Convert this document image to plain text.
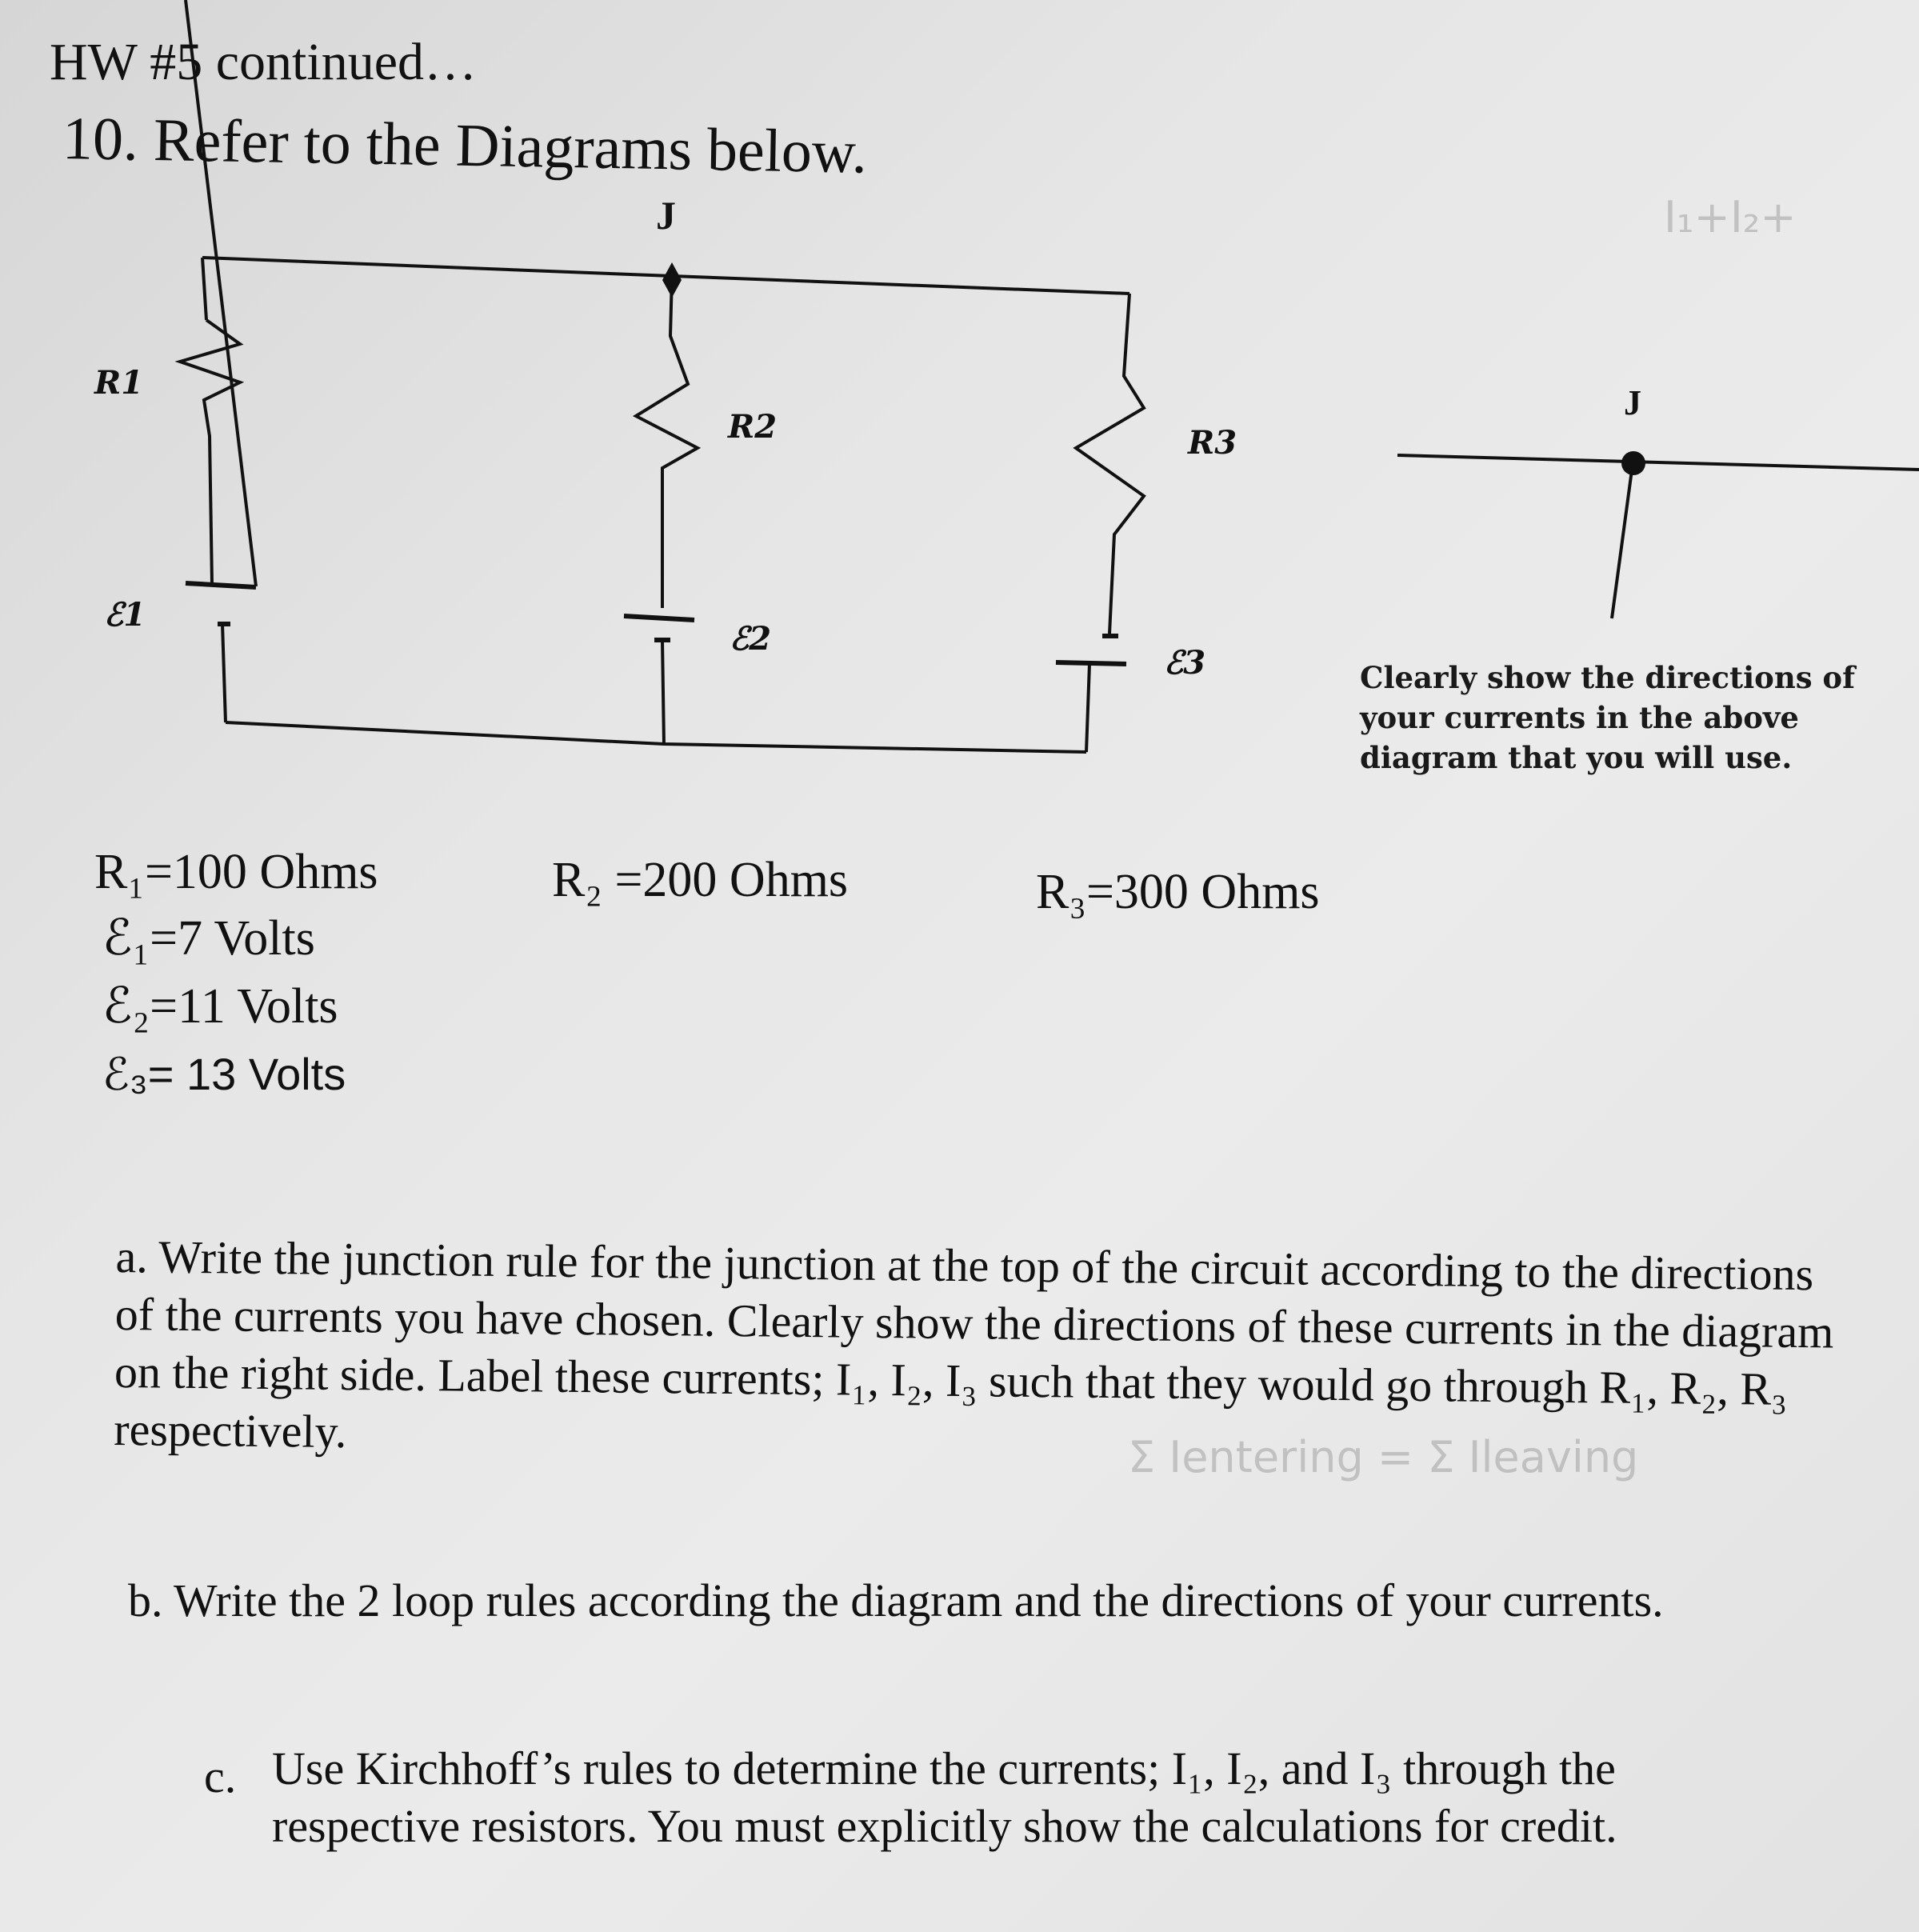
HW #5 continued…
10. Refer to the Diagrams below.
J
R1
R2	R3
ℰ1
ℰ2
ℰ3
J
Clearly show the directions of your currents in the above diagram that you will use.
I₁+I₂+
R₁=100 Ohms	R₂ =200 Ohms	R₃=300 Ohms
ℰ₁=7 Volts
ℰ₂=11 Volts
ℰ₃= 13 Volts
a. Write the junction rule for the junction at the top of the circuit according to the directions of the currents you have chosen. Clearly show the directions of these currents in the diagram on the right side. Label these currents; I₁, I₂, I₃ such that they would go through R₁, R₂, R₃ respectively.	Σ Ientering = Σ Ileaving
b. Write the 2 loop rules according the diagram and the directions of your currents.
c. Use Kirchhoff’s rules to determine the currents; I₁, I₂, and I₃ through the respective resistors. You must explicitly show the calculations for credit.
